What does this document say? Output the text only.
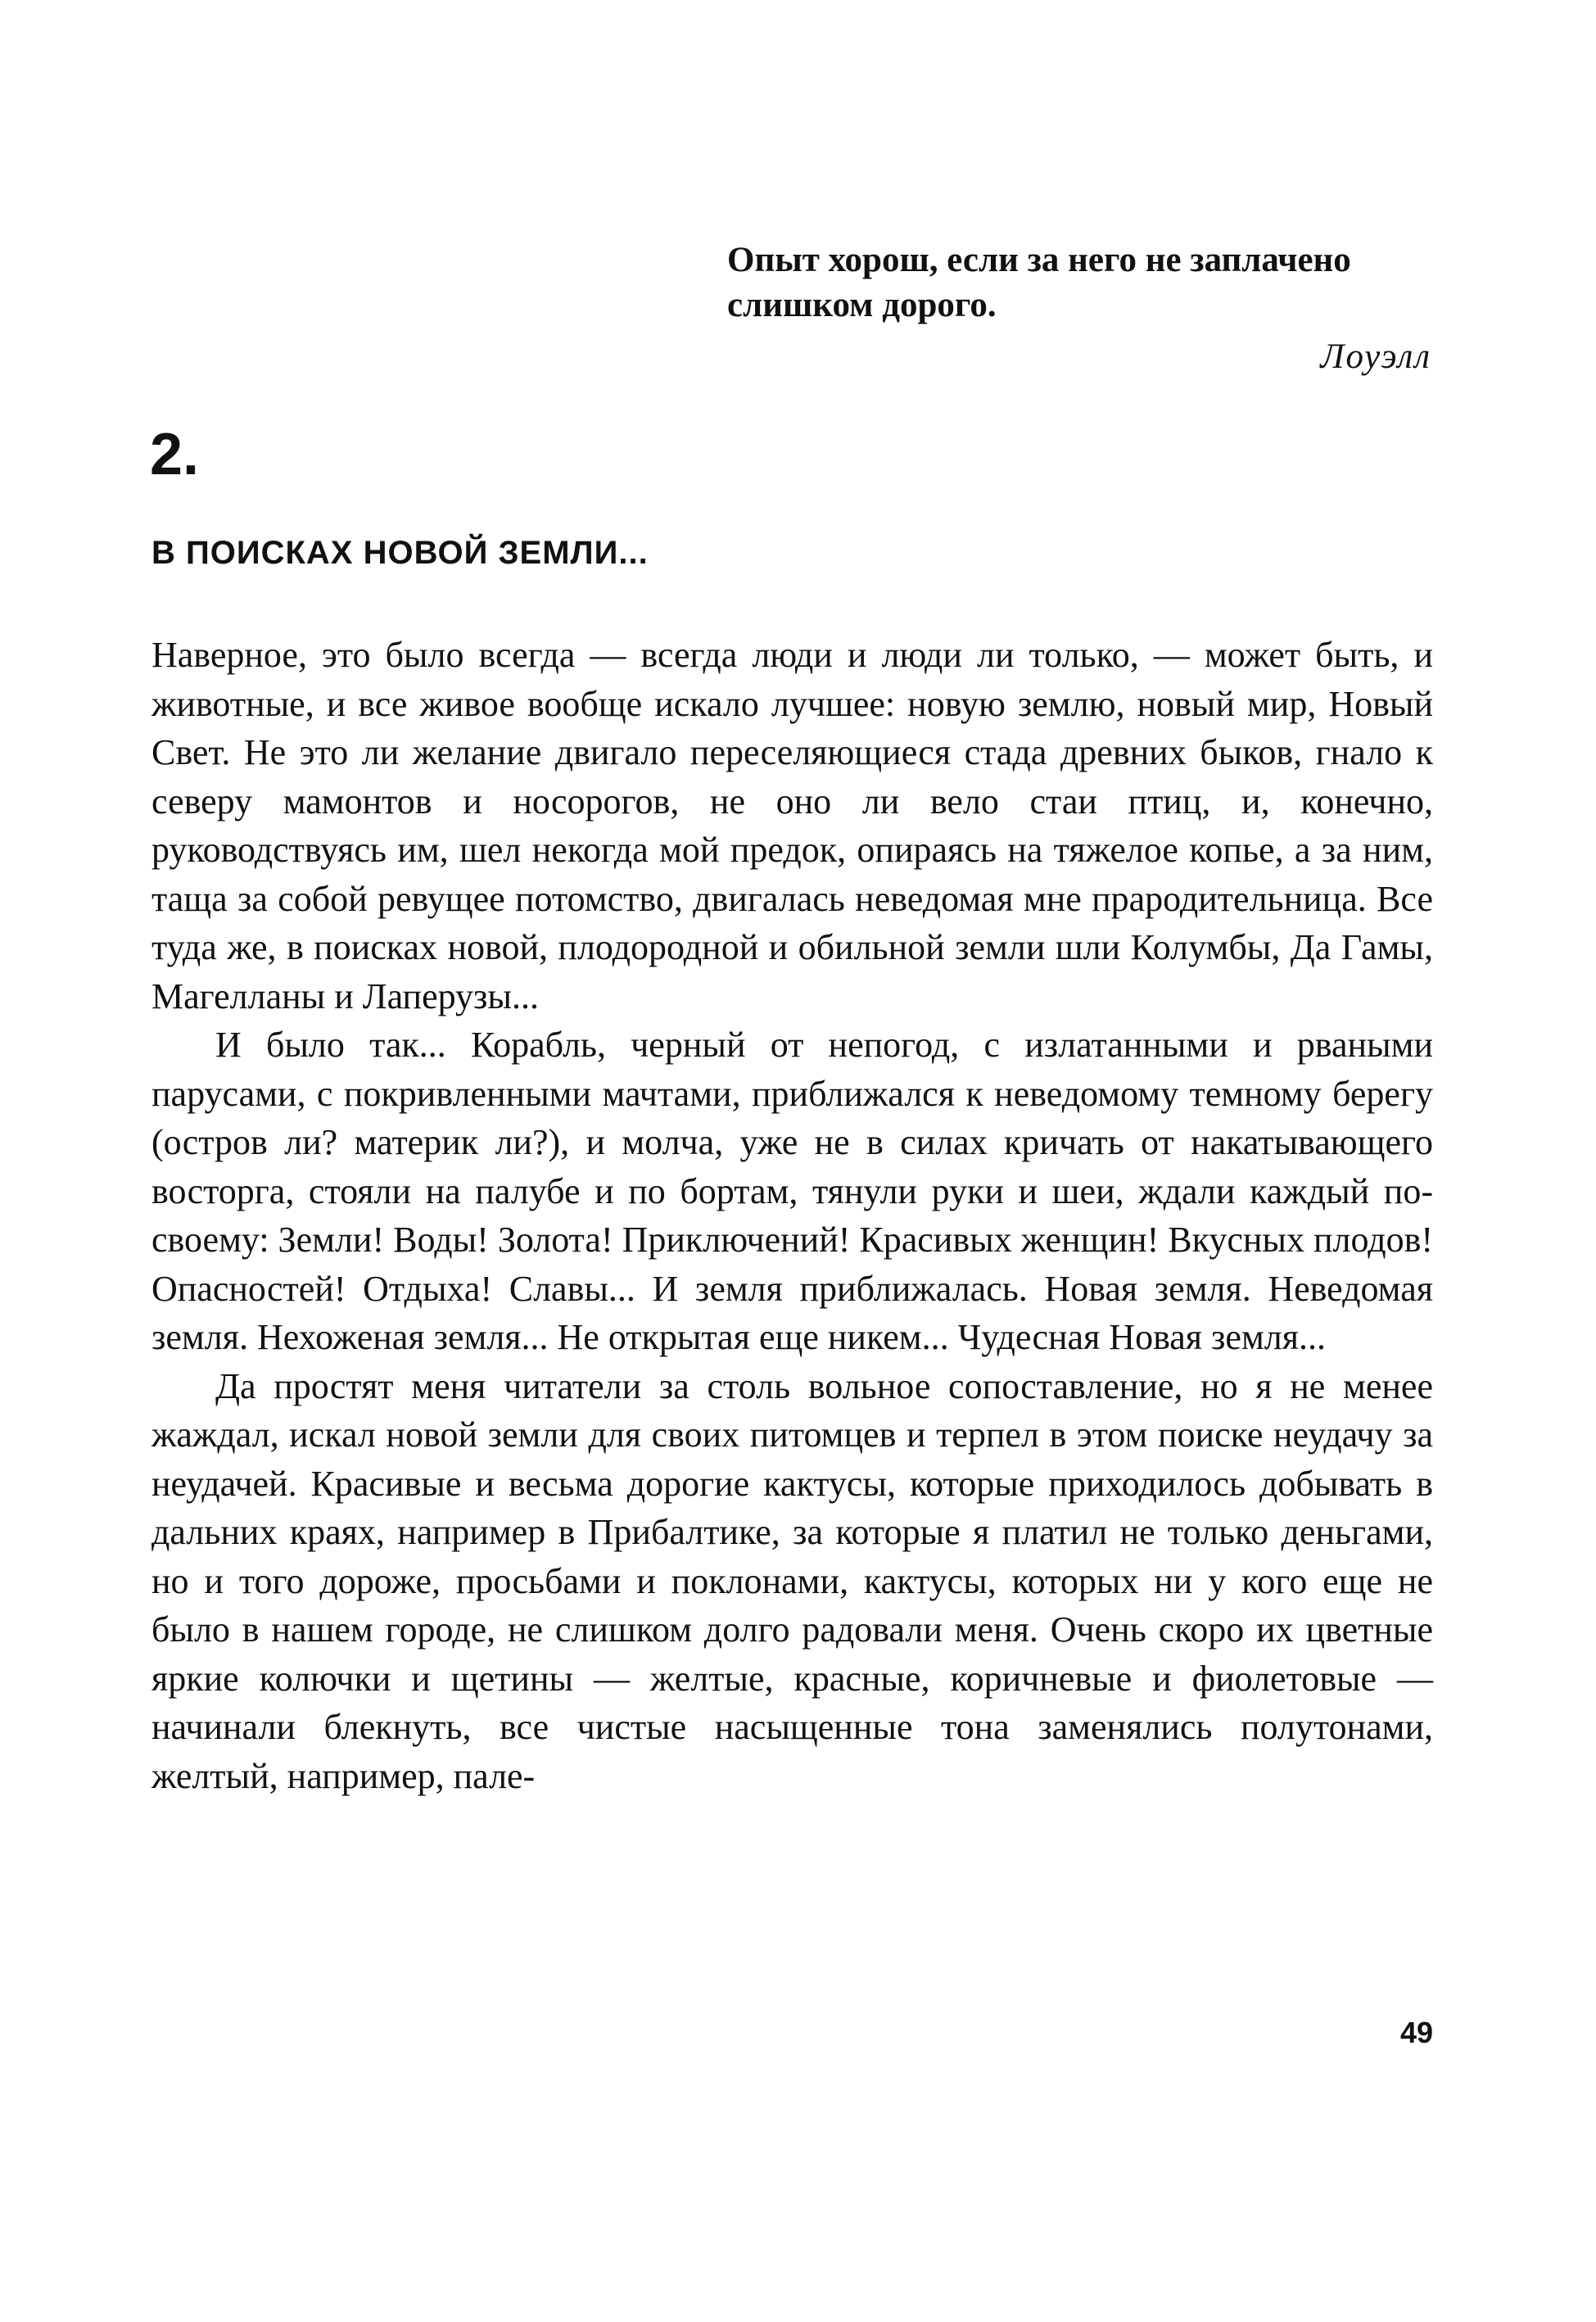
Опыт хорош, если за него не заплачено слишком дорого.

Лоуэлл

2.
В ПОИСКАХ НОВОЙ ЗЕМЛИ...

Наверное, это было всегда — всегда люди и люди ли только, — может быть, и животные, и все живое вообще искало лучшее: новую землю, новый мир, Новый Свет. Не это ли желание двигало переселяющиеся стада древних быков, гнало к северу мамонтов и носорогов, не оно ли вело стаи птиц, и, конечно, руководствуясь им, шел некогда мой предок, опираясь на тяжелое копье, а за ним, таща за собой ревущее потомство, двигалась неведомая мне прародительница. Все туда же, в поисках новой, плодородной и обильной земли шли Колумбы, Да Гамы, Магелланы и Лаперузы...

И было так... Корабль, черный от непогод, с излатанными и рваными парусами, с покривленными мачтами, приближался к неведомому темному берегу (остров ли? материк ли?), и молча, уже не в силах кричать от накатывающего восторга, стояли на палубе и по бортам, тянули руки и шеи, ждали каждый по-своему: Земли! Воды! Золота! Приключений! Красивых женщин! Вкусных плодов! Опасностей! Отдыха! Славы... И земля приближалась. Новая земля. Неведомая земля. Нехоженая земля... Не открытая еще никем... Чудесная Новая земля...

Да простят меня читатели за столь вольное сопоставление, но я не менее жаждал, искал новой земли для своих питомцев и терпел в этом поиске неудачу за неудачей. Красивые и весьма дорогие кактусы, которые приходилось добывать в дальних краях, например в Прибалтике, за которые я платил не только деньгами, но и того дороже, просьбами и поклонами, кактусы, которых ни у кого еще не было в нашем городе, не слишком долго радовали меня. Очень скоро их цветные яркие колючки и щетины — желтые, красные, коричневые и фиолетовые — начинали блекнуть, все чистые насыщенные тона заменялись полутонами, желтый, например, пале-

49
